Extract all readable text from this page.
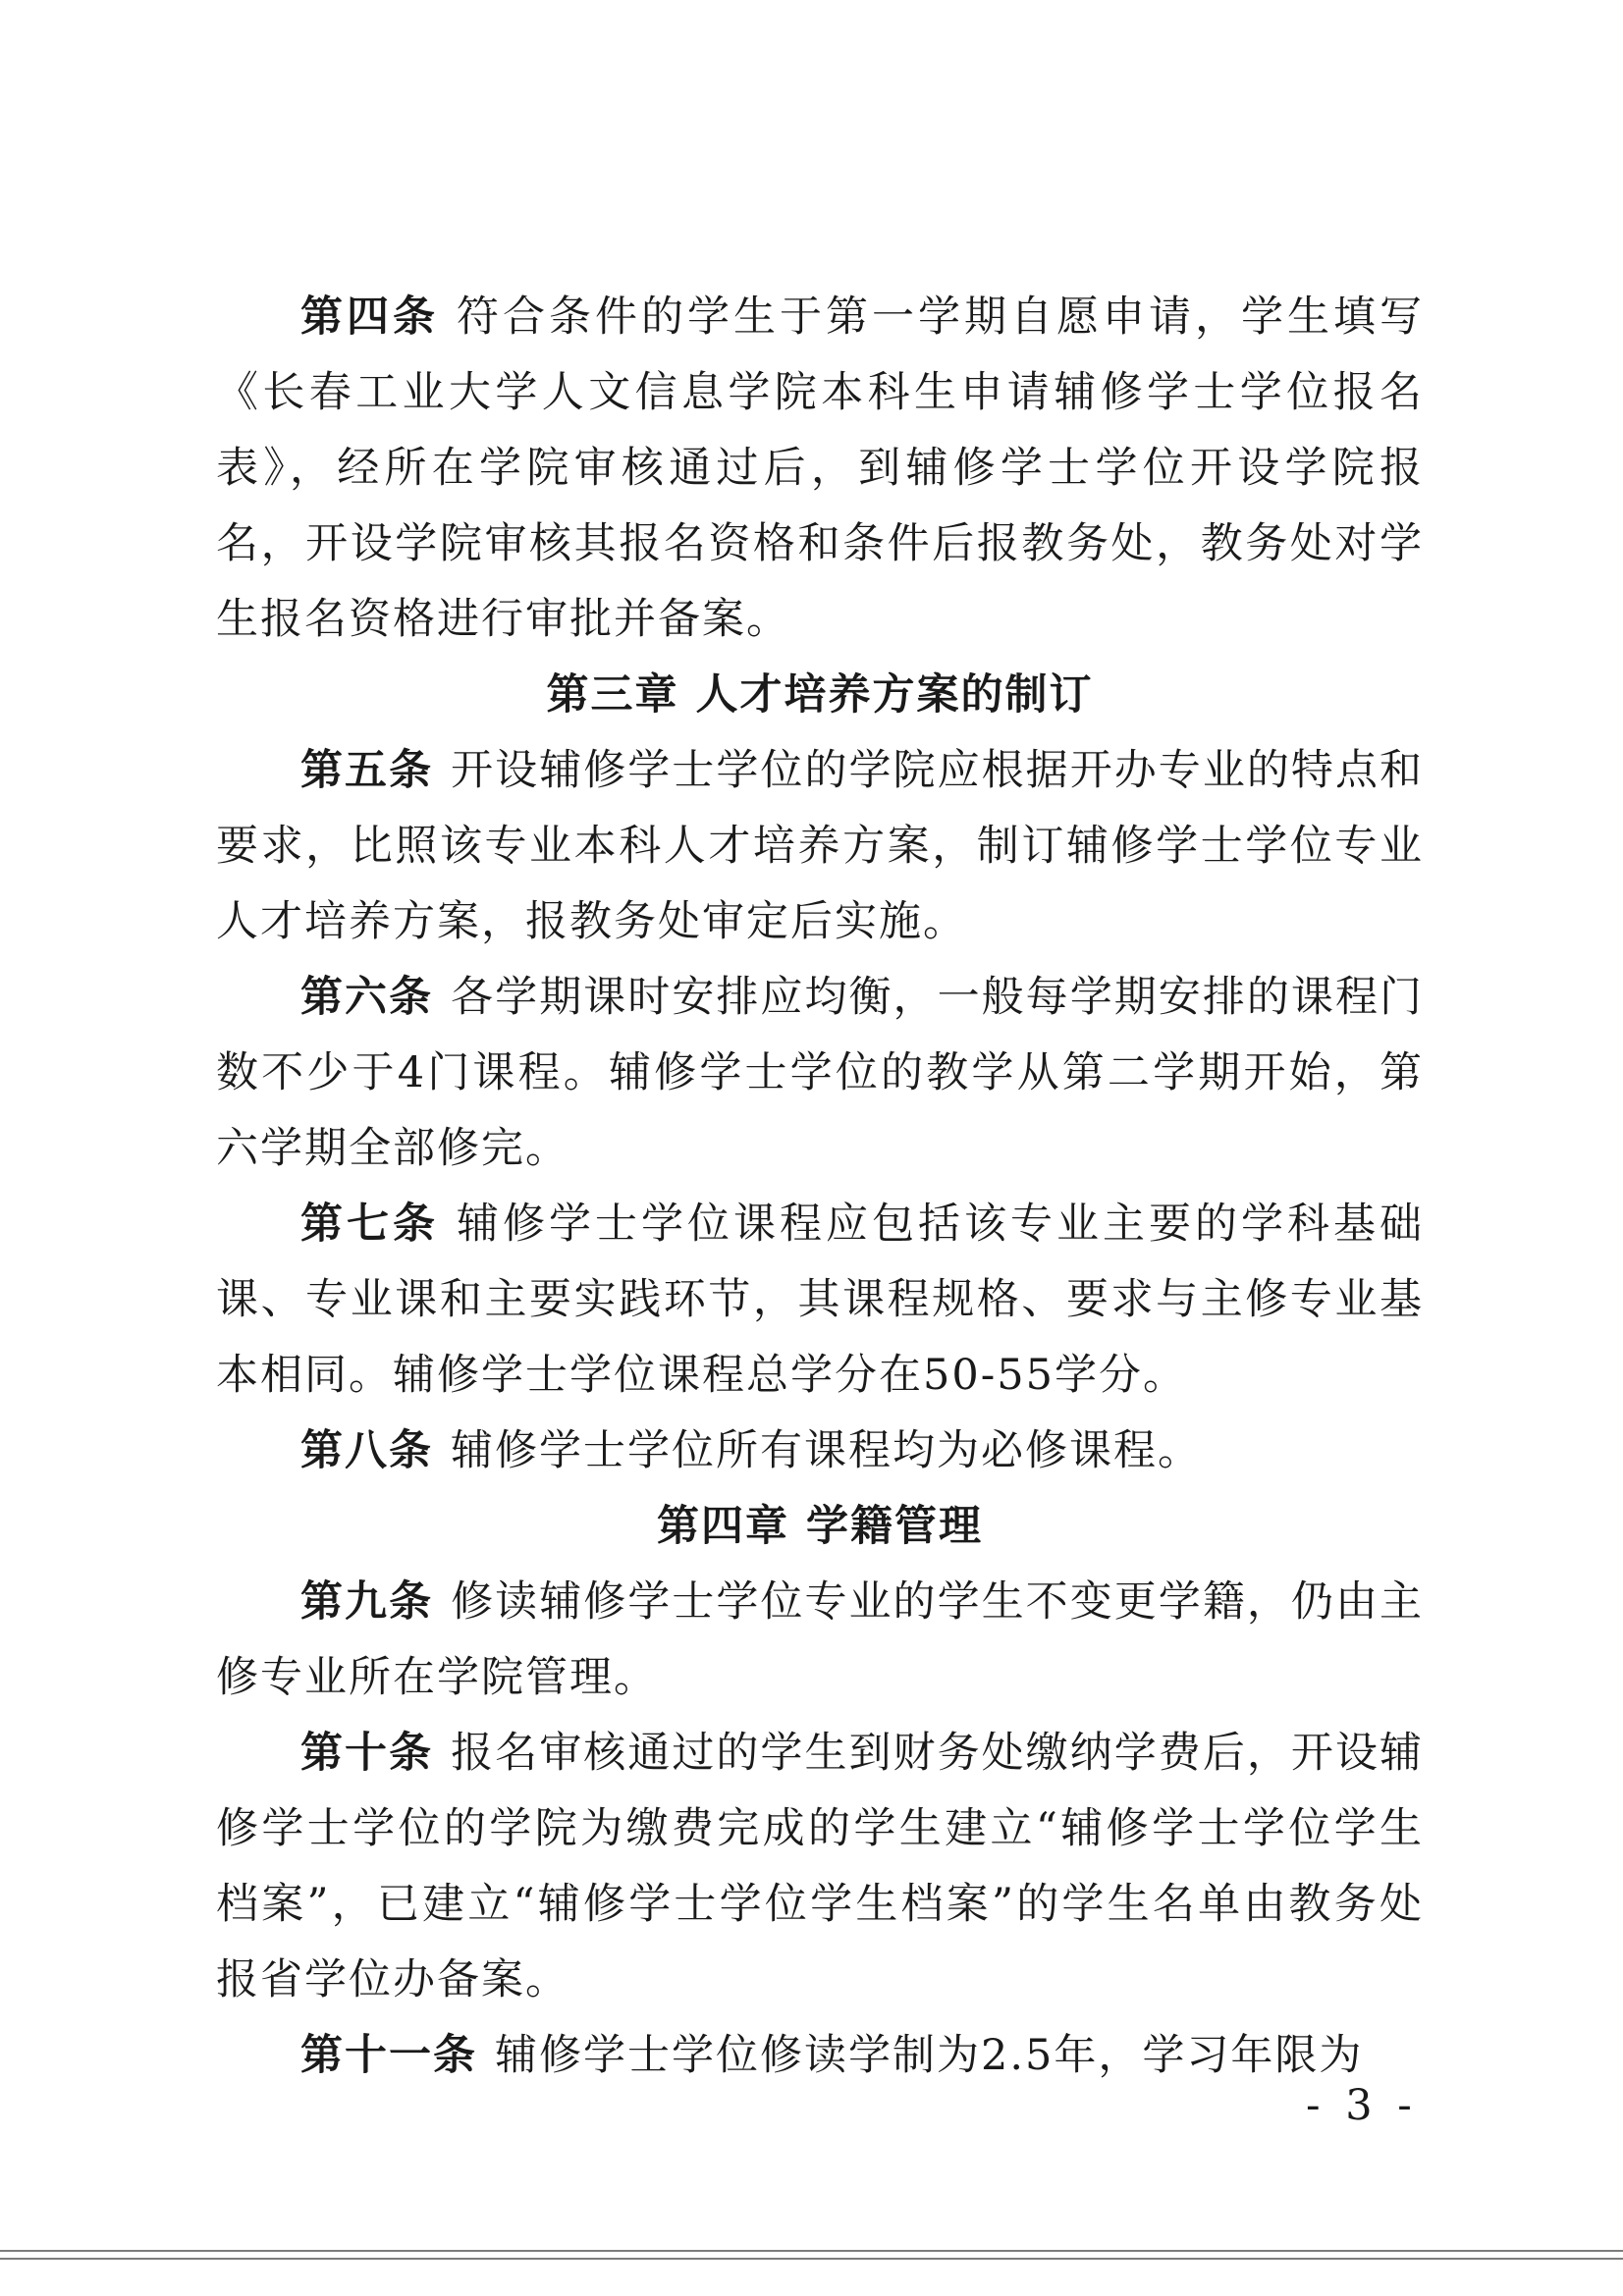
第四条 符合条件的学生于第一学期自愿申请，学生填写《长春工业大学人文信息学院本科生申请辅修学士学位报名表》，经所在学院审核通过后，到辅修学士学位开设学院报名，开设学院审核其报名资格和条件后报教务处，教务处对学生报名资格进行审批并备案。

第三章 人才培养方案的制订

第五条 开设辅修学士学位的学院应根据开办专业的特点和要求，比照该专业本科人才培养方案，制订辅修学士学位专业人才培养方案，报教务处审定后实施。

第六条 各学期课时安排应均衡，一般每学期安排的课程门数不少于4门课程。辅修学士学位的教学从第二学期开始，第六学期全部修完。

第七条 辅修学士学位课程应包括该专业主要的学科基础课、专业课和主要实践环节，其课程规格、要求与主修专业基本相同。辅修学士学位课程总学分在50-55学分。

第八条 辅修学士学位所有课程均为必修课程。

第四章 学籍管理

第九条 修读辅修学士学位专业的学生不变更学籍，仍由主修专业所在学院管理。

第十条 报名审核通过的学生到财务处缴纳学费后，开设辅修学士学位的学院为缴费完成的学生建立“辅修学士学位学生档案”，已建立“辅修学士学位学生档案”的学生名单由教务处报省学位办备案。

第十一条 辅修学士学位修读学制为2.5年，学习年限为

- 3 -
